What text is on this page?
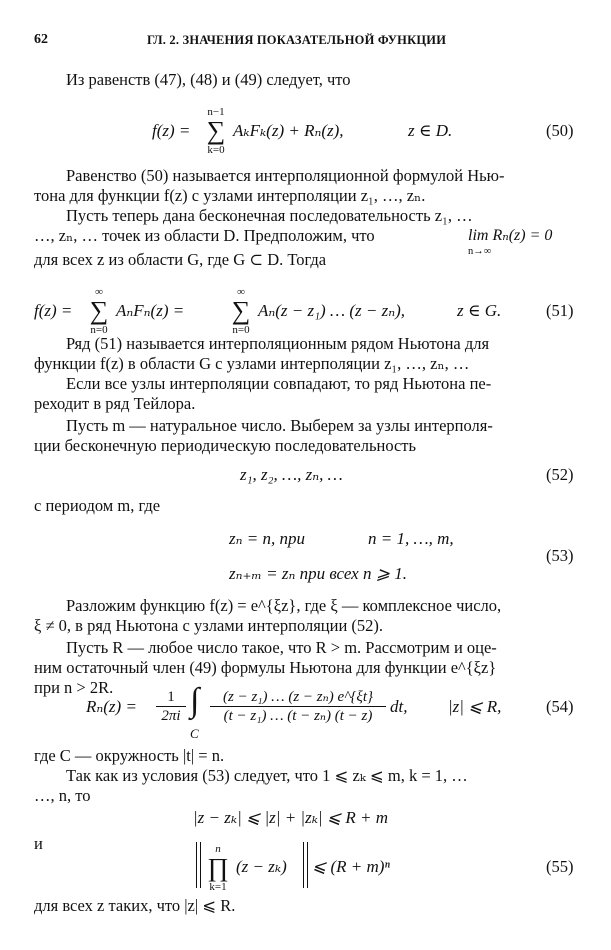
62	ГЛ. 2. ЗНАЧЕНИЯ ПОКАЗАТЕЛЬНОЙ ФУНКЦИИ
Из равенств (47), (48) и (49) следует, что
f(z) =
n−1
∑
k=0
AₖFₖ(z) + Rₙ(z),	z ∈ D.	(50)
Равенство (50) называется интерполяционной формулой Нью-
тона для функции f(z) с узлами интерполяции z₁, …, zₙ.
Пусть теперь дана бесконечная последовательность z₁, …
…, zₙ, … точек из области D. Предположим, что	lim Rₙ(z) = 0
n→∞
для всех z из области G, где G ⊂ D. Тогда
f(z) =
∞
∑
n=0
AₙFₙ(z) =
∞
∑
n=0
Aₙ(z − z₁) … (z − zₙ),	z ∈ G.	(51)
Ряд (51) называется интерполяционным рядом Ньютона для
функции f(z) в области G с узлами интерполяции z₁, …, zₙ, …
Если все узлы интерполяции совпадают, то ряд Ньютона пе-
реходит в ряд Тейлора.
Пусть m — натуральное число. Выберем за узлы интерполя-
ции бесконечную периодическую последовательность
z₁, z₂, …, zₙ, …	(52)
с периодом m, где
zₙ = n, при	n = 1, …, m,
zₙ₊ₘ = zₙ при всех n ⩾ 1.
(53)
Разложим функцию f(z) = e^{ξz}, где ξ — комплексное число,
ξ ≠ 0, в ряд Ньютона с узлами интерполяции (52).
Пусть R — любое число такое, что R > m. Рассмотрим и оце-
ним остаточный член (49) формулы Ньютона для функции e^{ξz}
при n > 2R.
$R_n(z) = \frac{1}{2\pi i}$ ∫
C
$\frac{\text{(z − z₁) … (z − zₙ) e\textasciicircum{}\{ξt\}}}{\text{(t − z₁) … (t − zₙ) (t − z)}}$ dt, |z| ⩽ R,	(54)
где C — окружность |t| = n.
Так как из условия (53) следует, что 1 ⩽ zₖ ⩽ m, k = 1, …
…, n, то
|z − zₖ| ⩽ |z| + |zₖ| ⩽ R + m
и	n
∏
k=1
(z − zₖ) ⩽ (R + m)ⁿ	(55)
для всех z таких, что |z| ⩽ R.
